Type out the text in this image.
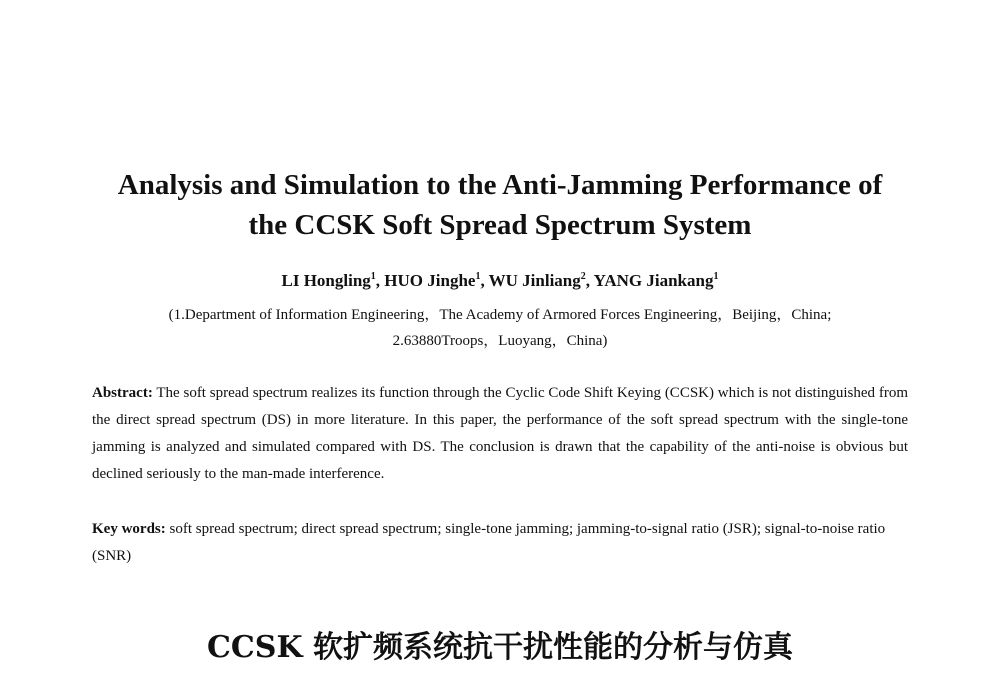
Analysis and Simulation to the Anti-Jamming Performance of
the CCSK Soft Spread Spectrum System
LI Hongling$^1$, HUO Jinghe$^1$, WU Jinliang$^2$, YANG Jiankang$^1$
(1.Department of Information Engineering，The Academy of Armored Forces Engineering，Beijing，China;
2.63880Troops，Luoyang，China)
Abstract: The soft spread spectrum realizes its function through the Cyclic Code Shift Keying (CCSK) which is not distinguished from the direct spread spectrum (DS) in more literature. In this paper, the performance of the soft spread spectrum with the single-tone jamming is analyzed and simulated compared with DS. The conclusion is drawn that the capability of the anti-noise is obvious but declined seriously to the man-made interference.
Key words: soft spread spectrum; direct spread spectrum; single-tone jamming; jamming-to-signal ratio (JSR); signal-to-noise ratio (SNR)
CCSK 软扩频系统抗干扰性能的分析与仿真
